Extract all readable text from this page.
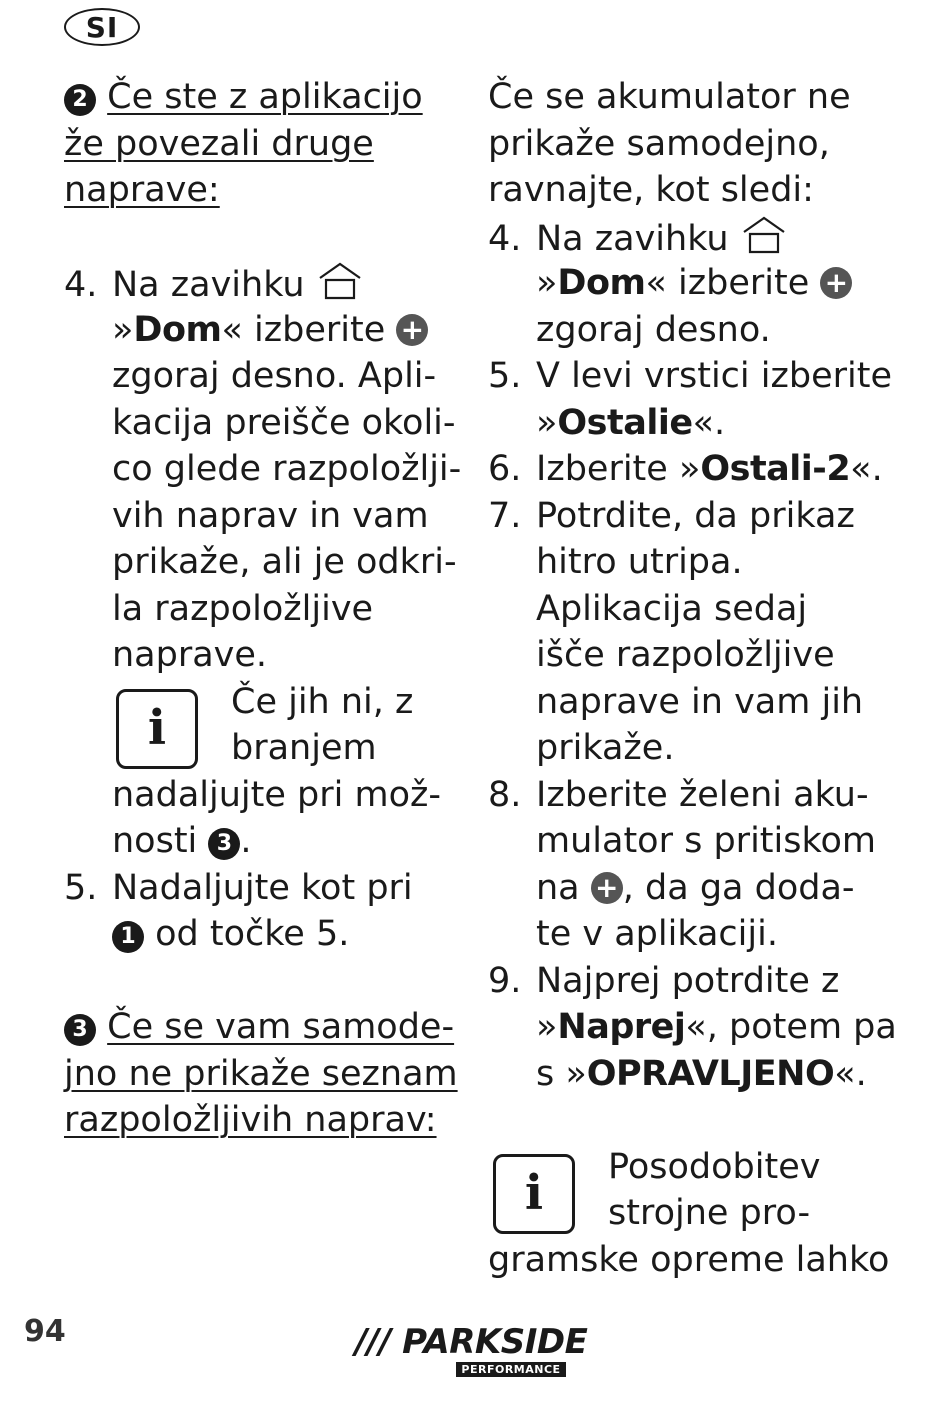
SI
2 Če ste z aplikacijo
že povezali druge
naprave:
4. Na zavihku
»Dom« izberite +
zgoraj desno. Apli-
kacija preišče okoli-
co glede razpoložlji-
vih naprav in vam
prikaže, ali je odkri-
la razpoložljive
naprave.
i	Če jih ni, z
branjem
nadaljujte pri mož-
nosti 3 .
5. Nadaljujte kot pri
1 od točke 5.
3 Če se vam samode-
jno ne prikaže seznam
razpoložljivih naprav:
Če se akumulator ne
prikaže samodejno,
ravnajte, kot sledi:
4. Na zavihku
»Dom« izberite +
zgoraj desno.
5. V levi vrstici izberite
»Ostalie«.
6. Izberite »Ostali-2«.
7. Potrdite, da prikaz
hitro utripa.
Aplikacija sedaj
išče razpoložljive
naprave in vam jih
prikaže.
8. Izberite želeni aku-
mulator s pritiskom
na + , da ga doda-
te v aplikaciji.
9. Najprej potrdite z
»Naprej«, potem pa
s »OPRAVLJENO«.
i	Posodobitev
strojne pro-
gramske opreme lahko
94	/// PARKSIDE
PERFORMANCE
